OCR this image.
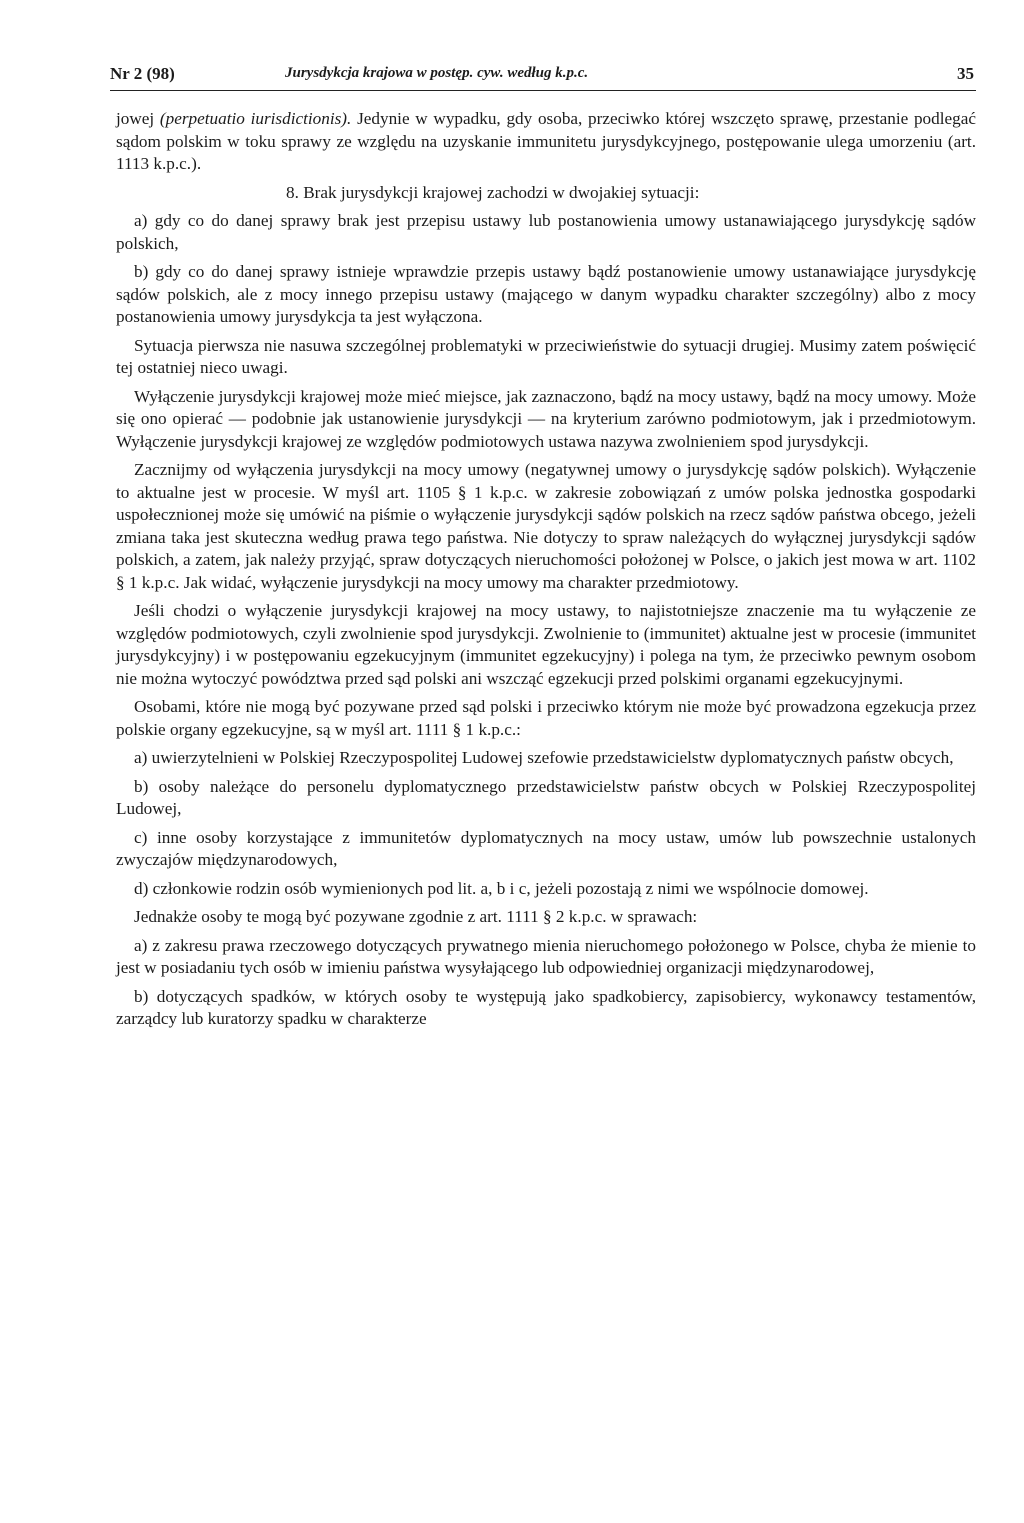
Nr 2 (98)	Jurysdykcja krajowa w postęp. cyw. według k.p.c.	35

jowej (perpetuatio iurisdictionis). Jedynie w wypadku, gdy osoba, przeciwko której wszczęto sprawę, przestanie podlegać sądom polskim w toku sprawy ze względu na uzyskanie immunitetu jurysdykcyjnego, postępowanie ulega umorzeniu (art. 1113 k.p.c.).

8. Brak jurysdykcji krajowej zachodzi w dwojakiej sytuacji:

a) gdy co do danej sprawy brak jest przepisu ustawy lub postanowienia umowy ustanawiającego jurysdykcję sądów polskich,

b) gdy co do danej sprawy istnieje wprawdzie przepis ustawy bądź postanowienie umowy ustanawiające jurysdykcję sądów polskich, ale z mocy innego przepisu ustawy (mającego w danym wypadku charakter szczególny) albo z mocy postanowienia umowy jurysdykcja ta jest wyłączona.

Sytuacja pierwsza nie nasuwa szczególnej problematyki w przeciwieństwie do sytuacji drugiej. Musimy zatem poświęcić tej ostatniej nieco uwagi.

Wyłączenie jurysdykcji krajowej może mieć miejsce, jak zaznaczono, bądź na mocy ustawy, bądź na mocy umowy. Może się ono opierać — podobnie jak ustanowienie jurysdykcji — na kryterium zarówno podmiotowym, jak i przedmiotowym. Wyłączenie jurysdykcji krajowej ze względów podmiotowych ustawa nazywa zwolnieniem spod jurysdykcji.

Zacznijmy od wyłączenia jurysdykcji na mocy umowy (negatywnej umowy o jurysdykcję sądów polskich). Wyłączenie to aktualne jest w procesie. W myśl art. 1105 § 1 k.p.c. w zakresie zobowiązań z umów polska jednostka gospodarki uspołecznionej może się umówić na piśmie o wyłączenie jurysdykcji sądów polskich na rzecz sądów państwa obcego, jeżeli zmiana taka jest skuteczna według prawa tego państwa. Nie dotyczy to spraw należących do wyłącznej jurysdykcji sądów polskich, a zatem, jak należy przyjąć, spraw dotyczących nieruchomości położonej w Polsce, o jakich jest mowa w art. 1102 § 1 k.p.c. Jak widać, wyłączenie jurysdykcji na mocy umowy ma charakter przedmiotowy.

Jeśli chodzi o wyłączenie jurysdykcji krajowej na mocy ustawy, to najistotniejsze znaczenie ma tu wyłączenie ze względów podmiotowych, czyli zwolnienie spod jurysdykcji. Zwolnienie to (immunitet) aktualne jest w procesie (immunitet jurysdykcyjny) i w postępowaniu egzekucyjnym (immunitet egzekucyjny) i polega na tym, że przeciwko pewnym osobom nie można wytoczyć powództwa przed sąd polski ani wszcząć egzekucji przed polskimi organami egzekucyjnymi.

Osobami, które nie mogą być pozywane przed sąd polski i przeciwko którym nie może być prowadzona egzekucja przez polskie organy egzekucyjne, są w myśl art. 1111 § 1 k.p.c.:

a) uwierzytelnieni w Polskiej Rzeczypospolitej Ludowej szefowie przedstawicielstw dyplomatycznych państw obcych,

b) osoby należące do personelu dyplomatycznego przedstawicielstw państw obcych w Polskiej Rzeczypospolitej Ludowej,

c) inne osoby korzystające z immunitetów dyplomatycznych na mocy ustaw, umów lub powszechnie ustalonych zwyczajów międzynarodowych,

d) członkowie rodzin osób wymienionych pod lit. a, b i c, jeżeli pozostają z nimi we wspólnocie domowej.

Jednakże osoby te mogą być pozywane zgodnie z art. 1111 § 2 k.p.c. w sprawach:

a) z zakresu prawa rzeczowego dotyczących prywatnego mienia nieruchomego położonego w Polsce, chyba że mienie to jest w posiadaniu tych osób w imieniu państwa wysyłającego lub odpowiedniej organizacji międzynarodowej,

b) dotyczących spadków, w których osoby te występują jako spadkobiercy, zapisobiercy, wykonawcy testamentów, zarządcy lub kuratorzy spadku w charakterze
